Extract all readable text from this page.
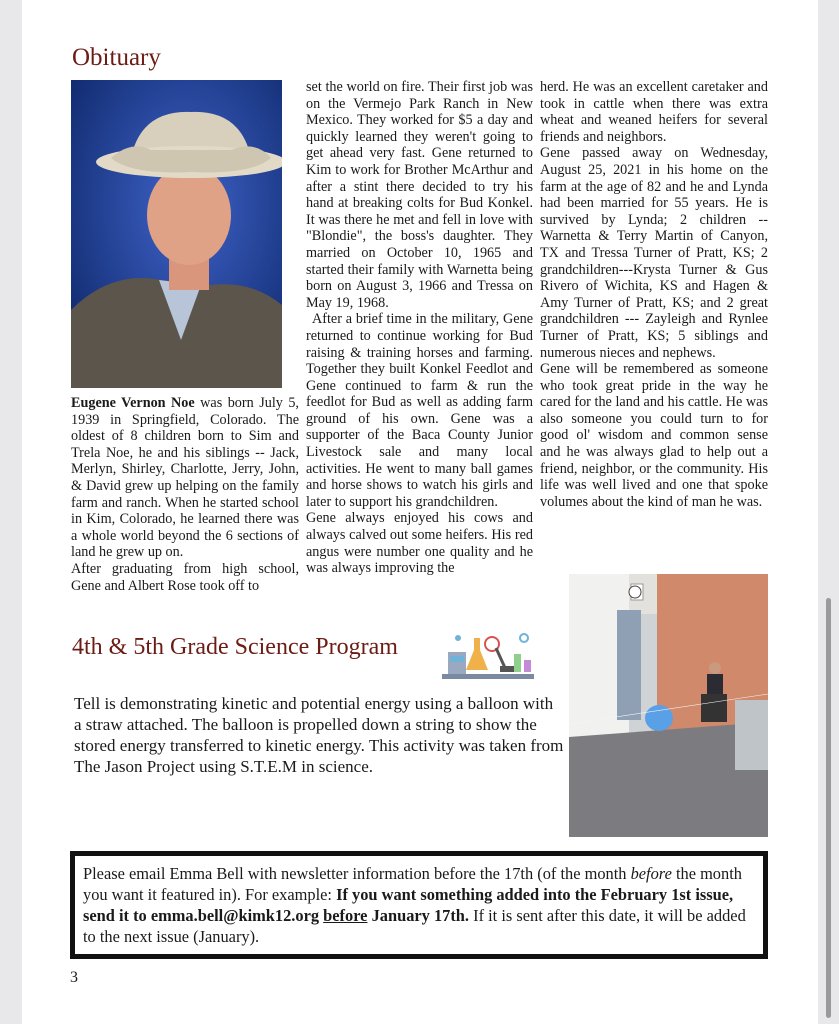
Obituary

Eugene Vernon Noe was born July 5, 1939 in Springfield, Colorado. The oldest of 8 children born to Sim and Trela Noe, he and his siblings -- Jack, Merlyn, Shirley, Charlotte, Jerry, John, & David grew up helping on the family farm and ranch. When he started school in Kim, Colorado, he learned there was a whole world beyond the 6 sections of land he grew up on.

After graduating from high school, Gene and Albert Rose took off to

set the world on fire. Their first job was on the Vermejo Park Ranch in New Mexico. They worked for $5 a day and quickly learned they weren't going to get ahead very fast. Gene returned to Kim to work for Brother McArthur and after a stint there decided to try his hand at breaking colts for Bud Konkel. It was there he met and fell in love with "Blondie", the boss's daughter. They married on October 10, 1965 and started their family with Warnetta being born on August 3, 1966 and Tressa on May 19, 1968.

After a brief time in the military, Gene returned to continue working for Bud raising & training horses and farming. Together they built Konkel Feedlot and Gene continued to farm & run the feedlot for Bud as well as adding farm ground of his own. Gene was a supporter of the Baca County Junior Livestock sale and many local activities. He went to many ball games and horse shows to watch his girls and later to support his grandchildren.

Gene always enjoyed his cows and always calved out some heifers. His red angus were number one quality and he was always improving the

herd. He was an excellent caretaker and took in cattle when there was extra wheat and weaned heifers for several friends and neighbors.

Gene passed away on Wednesday, August 25, 2021 in his home on the farm at the age of 82 and he and Lynda had been married for 55 years. He is survived by Lynda; 2 children -- Warnetta & Terry Martin of Canyon, TX and Tressa Turner of Pratt, KS; 2 grandchildren---Krysta Turner & Gus Rivero of Wichita, KS and Hagen & Amy Turner of Pratt, KS; and 2 great grandchildren --- Zayleigh and Rynlee Turner of Pratt, KS; 5 siblings and numerous nieces and nephews.

Gene will be remembered as someone who took great pride in the way he cared for the land and his cattle. He was also someone you could turn to for good ol' wisdom and common sense and he was always glad to help out a friend, neighbor, or the community. His life was well lived and one that spoke volumes about the kind of man he was.

4th & 5th Grade Science Program

Tell is demonstrating kinetic and potential energy using a balloon with a straw attached. The balloon is propelled down a string to show the stored energy transferred to kinetic energy. This activity was taken from The Jason Project using S.T.E.M in science.

Please email Emma Bell with newsletter information before the 17th (of the month before the month you want it featured in). For example: If you want something added into the February 1st issue, send it to emma.bell@kimk12.org before January 17th. If it is sent after this date, it will be added to the next issue (January).

3
